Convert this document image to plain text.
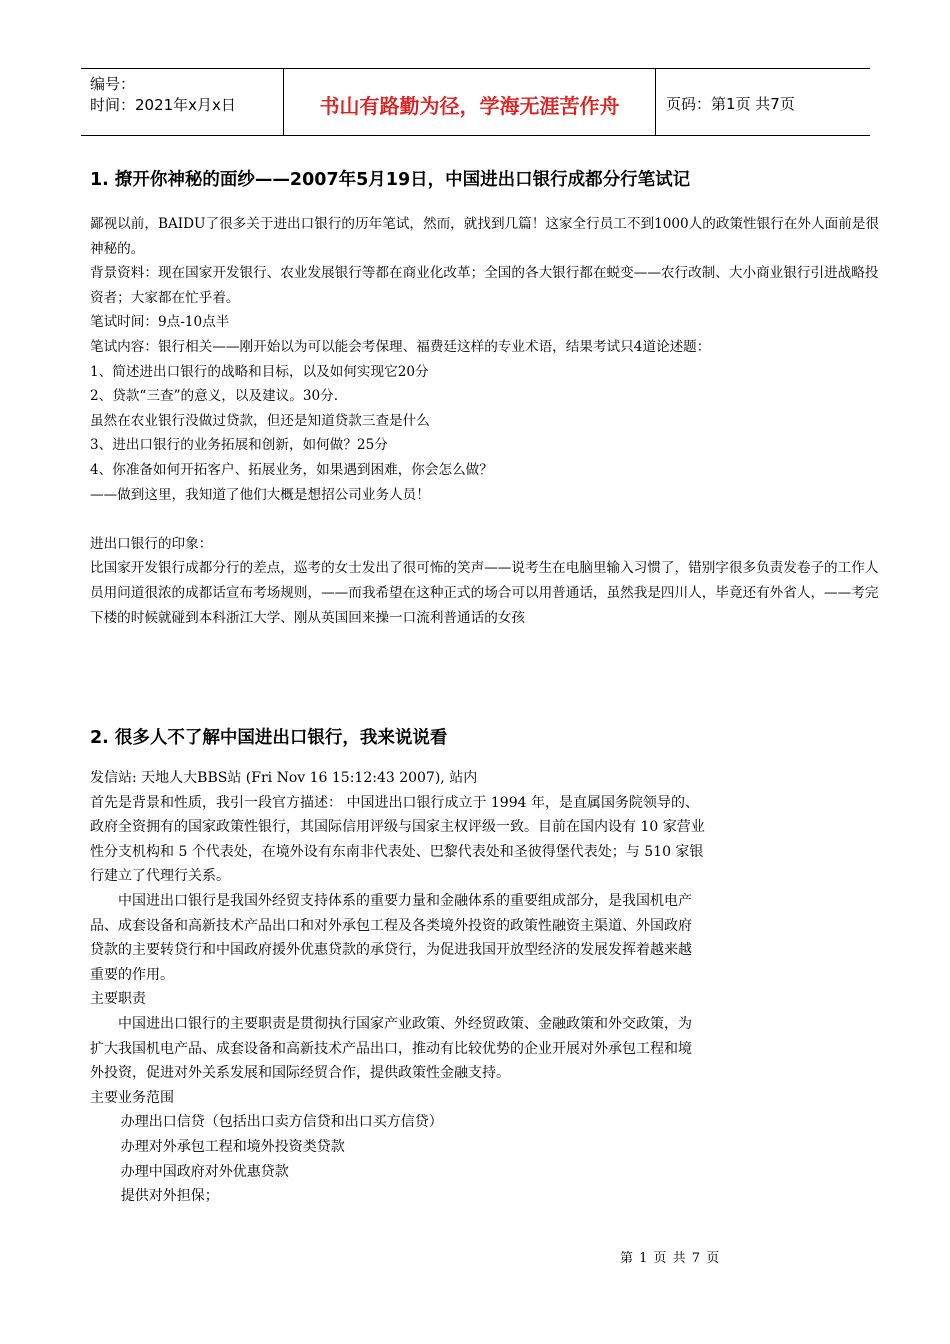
编号：
时间：2021年x月x日	书山有路勤为径，学海无涯苦作舟	页码：第1页 共7页
1. 撩开你神秘的面纱——2007年5月19日，中国进出口银行成都分行笔试记

鄙视以前，BAIDU了很多关于进出口银行的历年笔试，然而，就找到几篇！这家全行员工不到1000人的政策性银行在外人面前是很神秘的。

背景资料：现在国家开发银行、农业发展银行等都在商业化改革；全国的各大银行都在蜕变——农行改制、大小商业银行引进战略投资者；大家都在忙乎着。

笔试时间：9点-10点半

笔试内容：银行相关——刚开始以为可以能会考保理、福费廷这样的专业术语，结果考试只4道论述题：

1、简述进出口银行的战略和目标，以及如何实现它20分

2、贷款“三查”的意义，以及建议。30分.

虽然在农业银行没做过贷款，但还是知道贷款三查是什么

3、进出口银行的业务拓展和创新，如何做？25分

4、你准备如何开拓客户、拓展业务，如果遇到困难，你会怎么做？

——做到这里，我知道了他们大概是想招公司业务人员！

进出口银行的印象：

比国家开发银行成都分行的差点，巡考的女士发出了很可怖的笑声——说考生在电脑里输入习惯了，错别字很多负责发卷子的工作人员用问道很浓的成都话宣布考场规则，——而我希望在这种正式的场合可以用普通话，虽然我是四川人，毕竟还有外省人，——考完下楼的时候就碰到本科浙江大学、刚从英国回来操一口流利普通话的女孩

2. 很多人不了解中国进出口银行，我来说说看

发信站: 天地人大BBS站 (Fri Nov 16 15:12:43 2007), 站内

首先是背景和性质，我引一段官方描述： 中国进出口银行成立于 1994 年，是直属国务院领导的、政府全资拥有的国家政策性银行，其国际信用评级与国家主权评级一致。目前在国内设有 10 家营业性分支机构和 5 个代表处，在境外设有东南非代表处、巴黎代表处和圣彼得堡代表处；与 510 家银行建立了代理行关系。

中国进出口银行是我国外经贸支持体系的重要力量和金融体系的重要组成部分，是我国机电产品、成套设备和高新技术产品出口和对外承包工程及各类境外投资的政策性融资主渠道、外国政府贷款的主要转贷行和中国政府援外优惠贷款的承贷行，为促进我国开放型经济的发展发挥着越来越重要的作用。

主要职责

中国进出口银行的主要职责是贯彻执行国家产业政策、外经贸政策、金融政策和外交政策，为扩大我国机电产品、成套设备和高新技术产品出口，推动有比较优势的企业开展对外承包工程和境外投资，促进对外关系发展和国际经贸合作，提供政策性金融支持。

主要业务范围

办理出口信贷（包括出口卖方信贷和出口买方信贷）

办理对外承包工程和境外投资类贷款

办理中国政府对外优惠贷款

提供对外担保；

第 1 页 共 7 页
